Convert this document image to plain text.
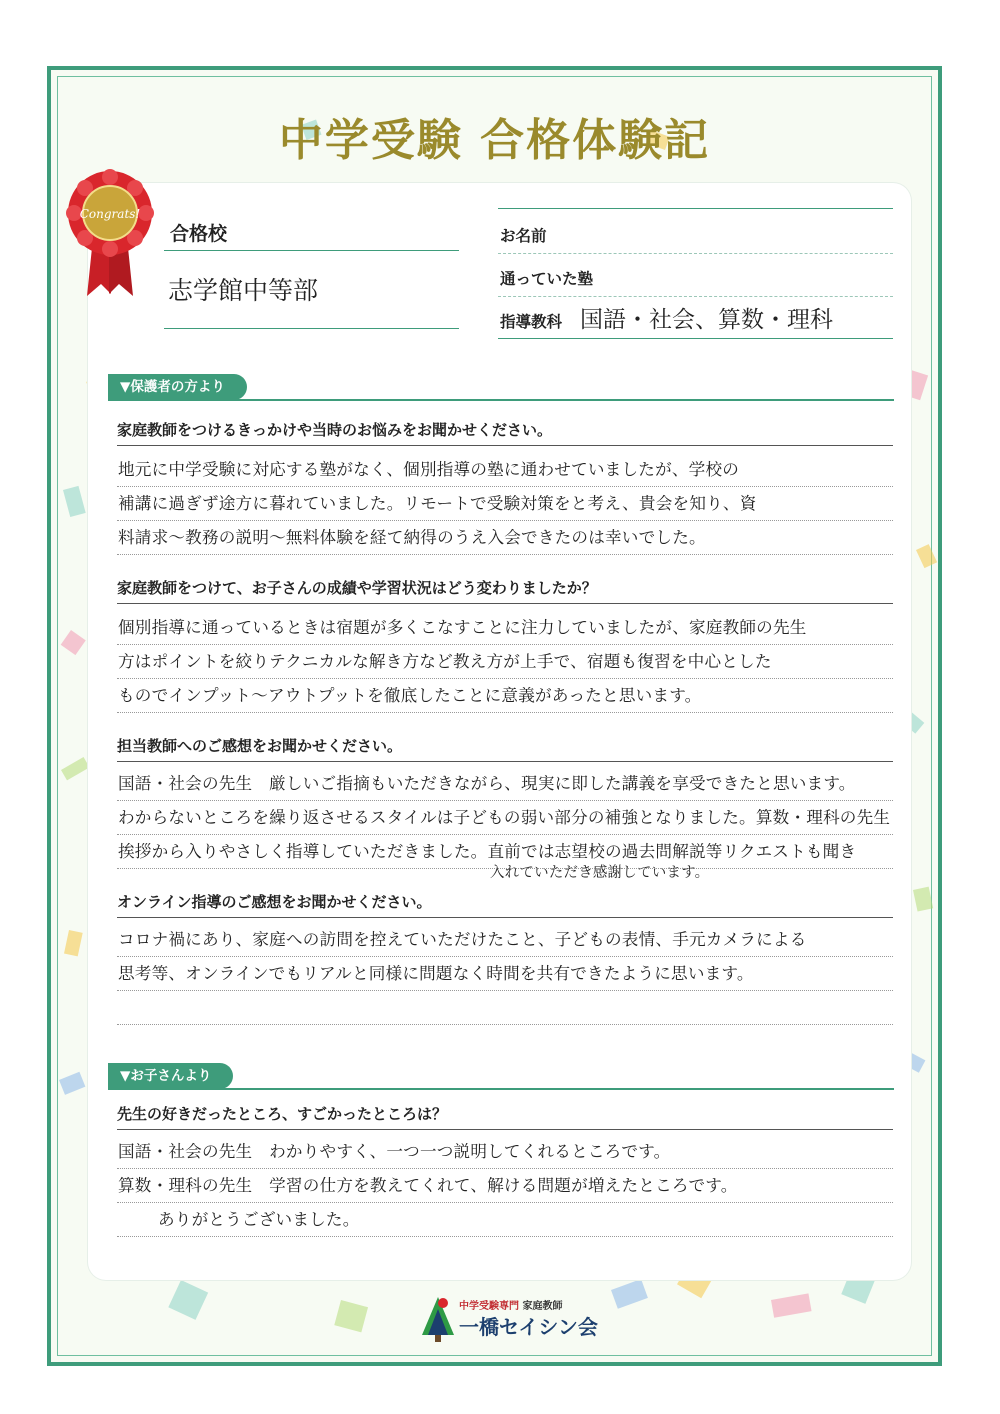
中学受験 合格体験記
合格校
志学館中等部
お名前
通っていた塾
指導教科 国語・社会、算数・理科
▼保護者の方より
家庭教師をつけるきっかけや当時のお悩みをお聞かせください。
地元に中学受験に対応する塾がなく、個別指導の塾に通わせていましたが、学校の
補講に過ぎず途方に暮れていました。リモートで受験対策をと考え、貴会を知り、資
料請求～教務の説明～無料体験を経て納得のうえ入会できたのは幸いでした。
家庭教師をつけて、お子さんの成績や学習状況はどう変わりましたか？
個別指導に通っているときは宿題が多くこなすことに注力していましたが、家庭教師の先生
方はポイントを絞りテクニカルな解き方など教え方が上手で、宿題も復習を中心とした
ものでインプット～アウトプットを徹底したことに意義があったと思います。
担当教師へのご感想をお聞かせください。
国語・社会の先生　厳しいご指摘もいただきながら、現実に即した講義を享受できたと思います。
わからないところを繰り返させるスタイルは子どもの弱い部分の補強となりました。算数・理科の先生
挨拶から入りやさしく指導していただきました。直前では志望校の過去問解説等リクエストも聞き
入れていただき感謝しています。
オンライン指導のご感想をお聞かせください。
コロナ禍にあり、家庭への訪問を控えていただけたこと、子どもの表情、手元カメラによる
思考等、オンラインでもリアルと同様に問題なく時間を共有できたように思います。
▼お子さんより
先生の好きだったところ、すごかったところは？
国語・社会の先生　わかりやすく、一つ一つ説明してくれるところです。
算数・理科の先生　学習の仕方を教えてくれて、解ける問題が増えたところです。
ありがとうございました。
Congrats!
中学受験専門 家庭教師
一橋セイシン会
